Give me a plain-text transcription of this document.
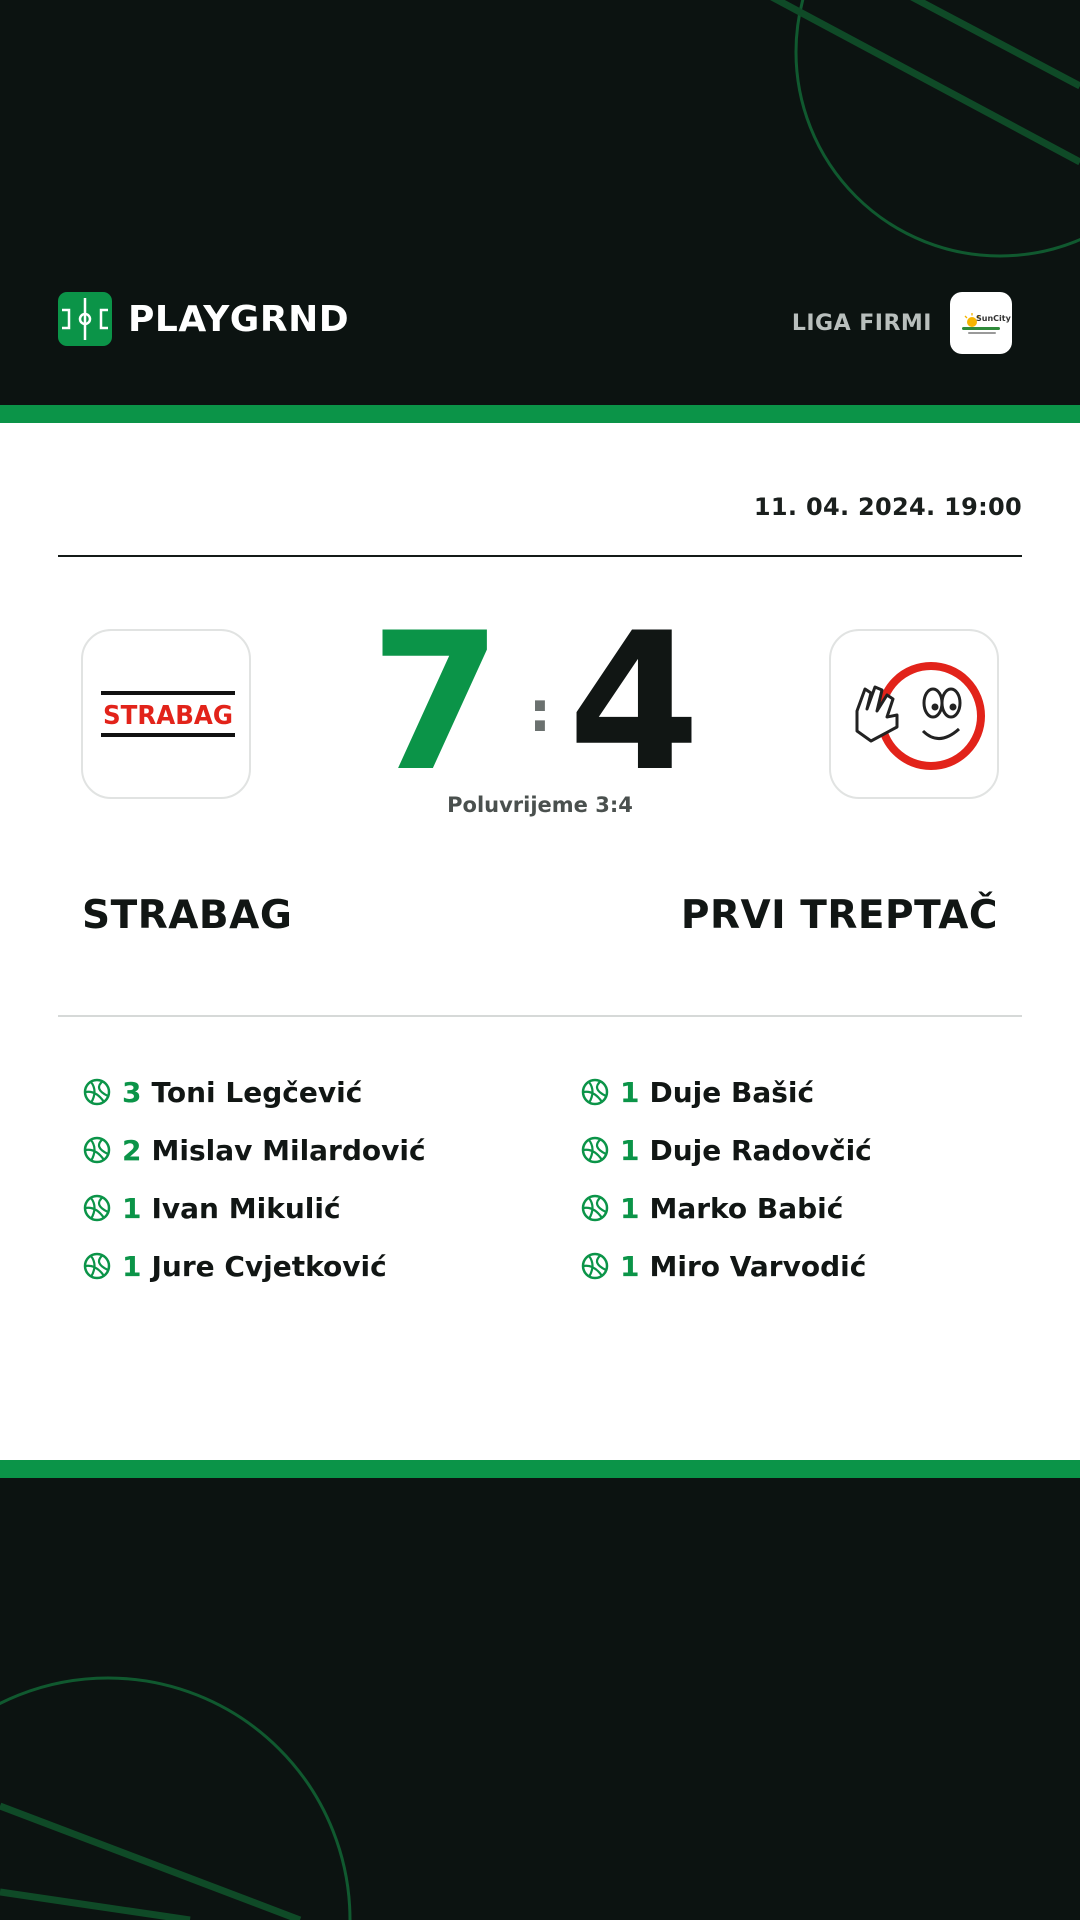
PLAYGRND	LIGA FIRMI	SunCity
11. 04. 2024. 19:00
STRABAG 7 : 4
Poluvrijeme 3:4
STRABAG	PRVI TREPTAČ
3 Toni Legčević
2 Mislav Milardović
1 Ivan Mikulić
1 Jure Cvjetković
1 Duje Bašić
1 Duje Radovčić
1 Marko Babić
1 Miro Varvodić
